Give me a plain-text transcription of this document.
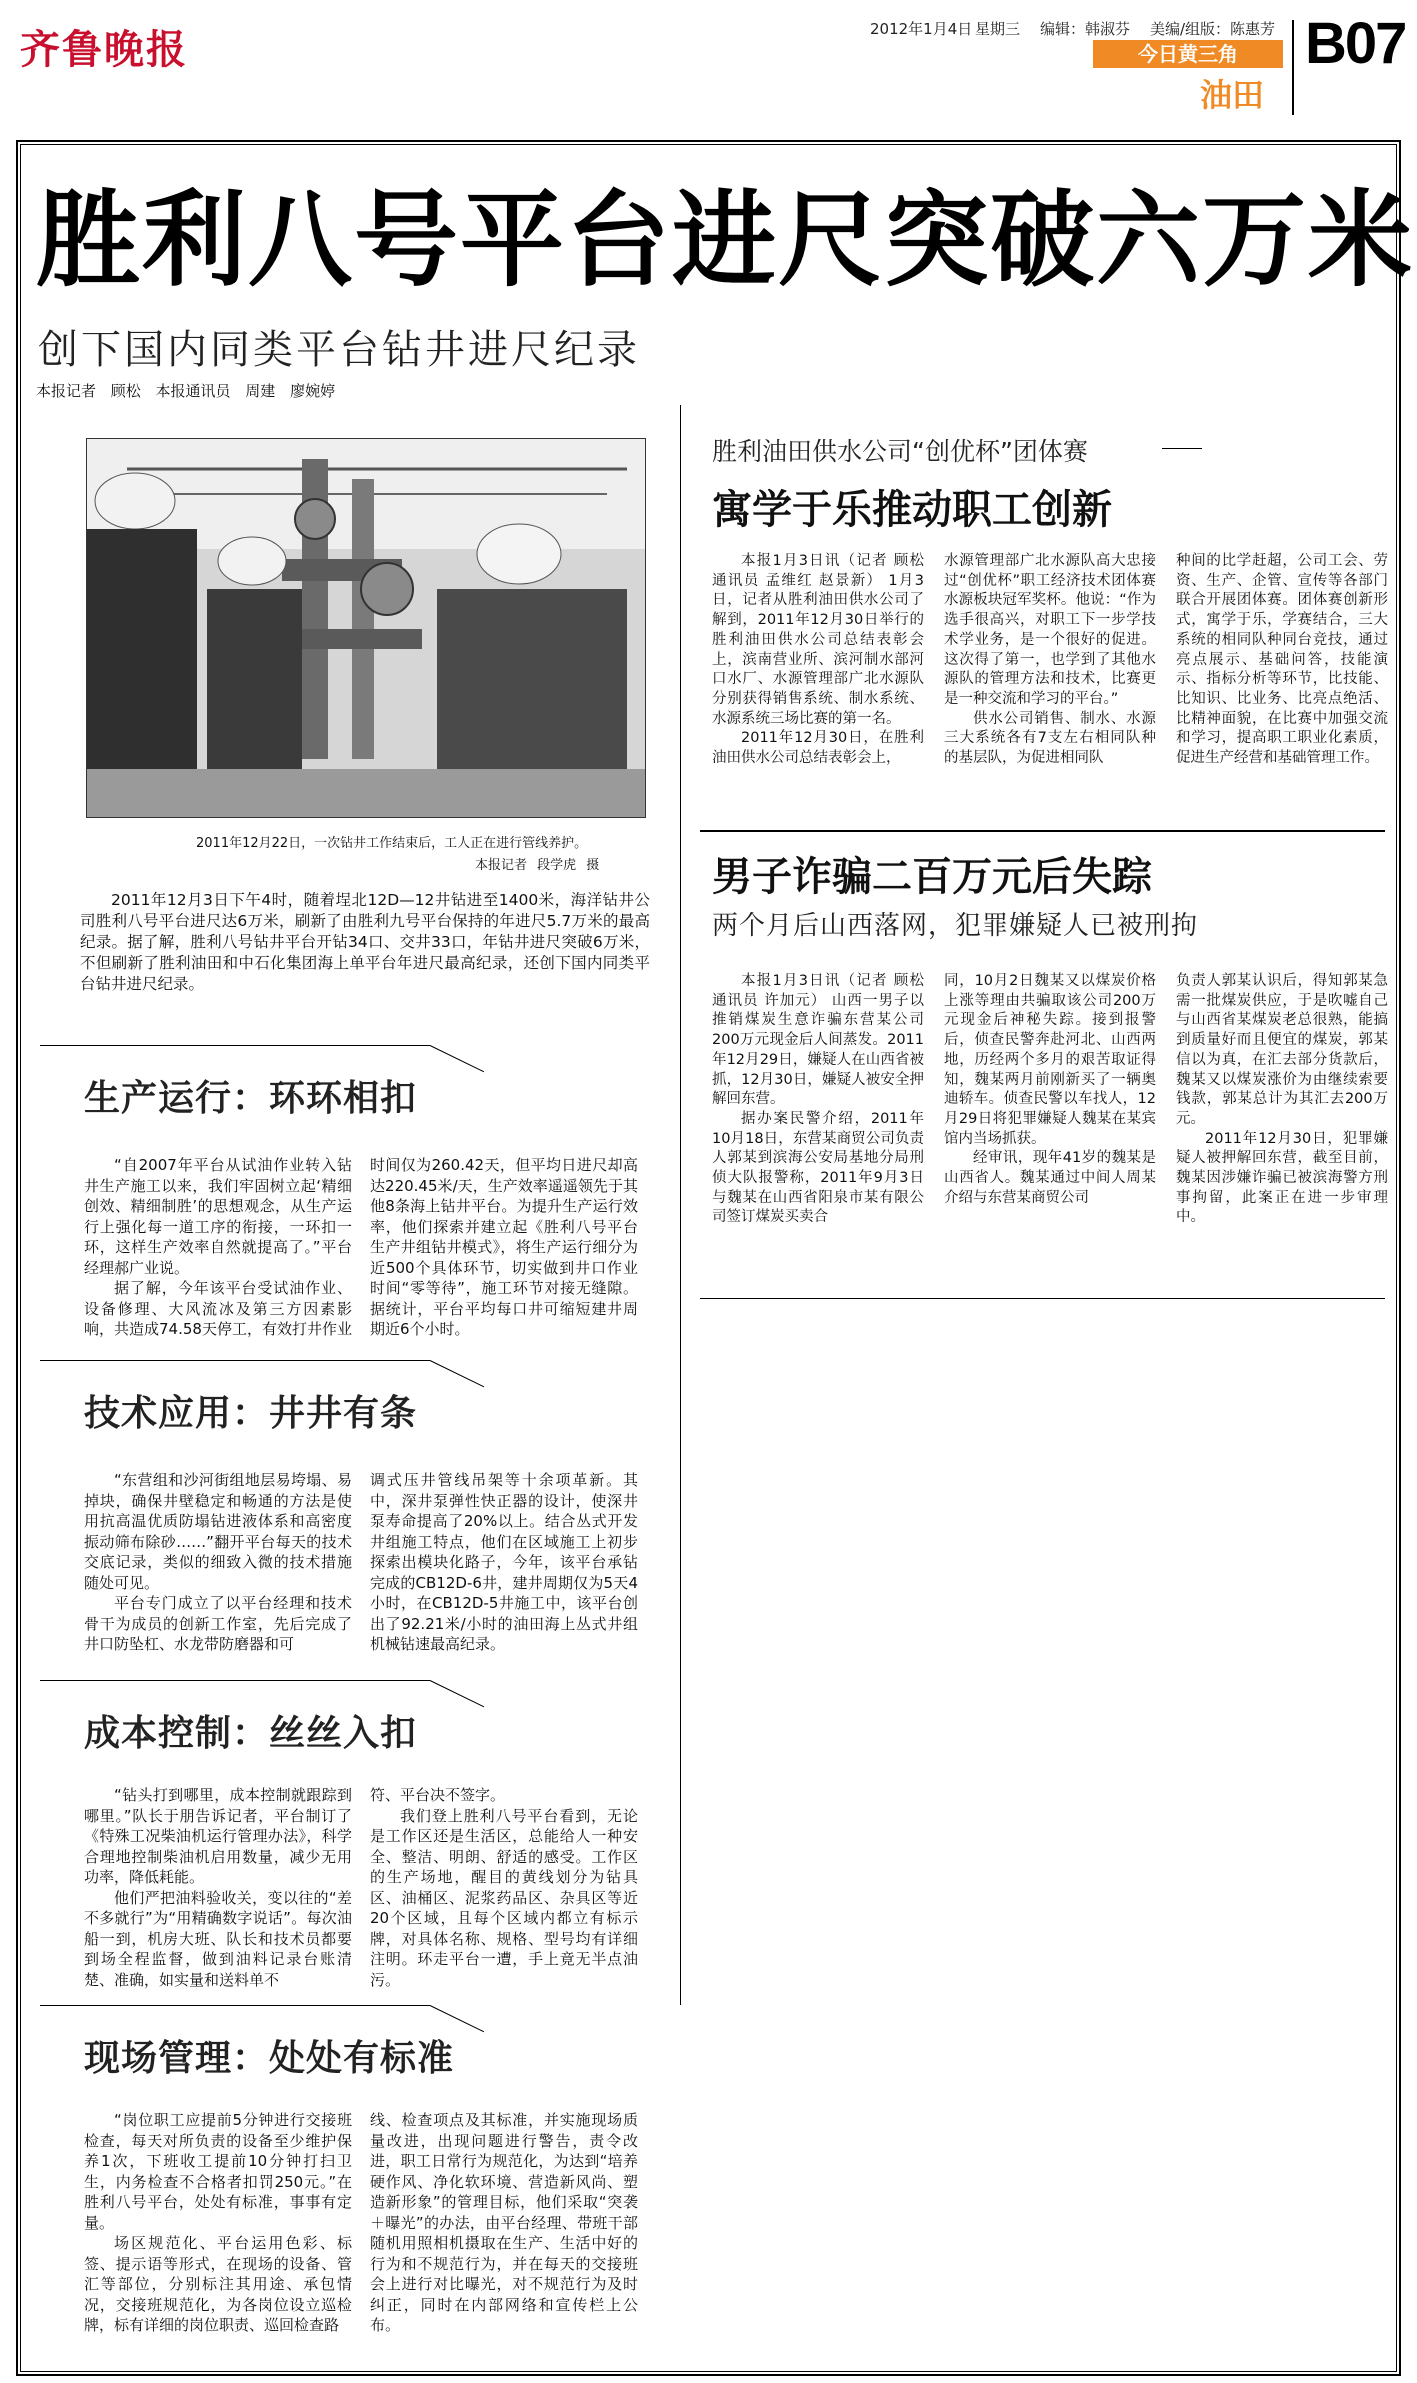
齐鲁晚报	2012年1月4日 星期三 编辑：韩淑芬 美编/组版：陈惠芳
今日黄三角
油田
B07
胜利八号平台进尺突破六万米
创下国内同类平台钻井进尺纪录
本报记者 顾松 本报通讯员 周建 廖婉婷
2011年12月22日，一次钻井工作结束后，工人正在进行管线养护。
本报记者 段学虎 摄
2011年12月3日下午4时，随着埕北12D—12井钻进至1400米，海洋钻井公司胜利八号平台进尺达6万米，刷新了由胜利九号平台保持的年进尺5.7万米的最高纪录。据了解，胜利八号钻井平台开钻34口、交井33口，年钻井进尺突破6万米，不但刷新了胜利油田和中石化集团海上单平台年进尺最高纪录，还创下国内同类平台钻井进尺纪录。
生产运行：环环相扣

“自2007年平台从试油作业转入钻井生产施工以来，我们牢固树立起‘精细创效、精细制胜’的思想观念，从生产运行上强化每一道工序的衔接，一环扣一环，这样生产效率自然就提高了。”平台经理郝广业说。

据了解，今年该平台受试油作业、设备修理、大风流冰及第三方因素影响，共造成74.58天停工，有效打井作业

时间仅为260.42天，但平均日进尺却高达220.45米/天，生产效率遥遥领先于其他8条海上钻井平台。为提升生产运行效率，他们探索并建立起《胜利八号平台生产井组钻井模式》，将生产运行细分为近500个具体环节，切实做到井口作业时间“零等待”，施工环节对接无缝隙。据统计，平台平均每口井可缩短建井周期近6个小时。

技术应用：井井有条

“东营组和沙河街组地层易垮塌、易掉块，确保井壁稳定和畅通的方法是使用抗高温优质防塌钻进液体系和高密度振动筛布除砂……”翻开平台每天的技术交底记录，类似的细致入微的技术措施随处可见。

平台专门成立了以平台经理和技术骨干为成员的创新工作室，先后完成了井口防坠杠、水龙带防磨器和可

调式压井管线吊架等十余项革新。其中，深井泵弹性快正器的设计，使深井泵寿命提高了20%以上。结合丛式开发井组施工特点，他们在区域施工上初步探索出模块化路子，今年，该平台承钻完成的CB12D-6井，建井周期仅为5天4小时，在CB12D-5井施工中，该平台创出了92.21米/小时的油田海上丛式井组机械钻速最高纪录。

成本控制：丝丝入扣

“钻头打到哪里，成本控制就跟踪到哪里。”队长于朋告诉记者，平台制订了《特殊工况柴油机运行管理办法》，科学合理地控制柴油机启用数量，减少无用功率，降低耗能。

他们严把油料验收关，变以往的“差不多就行”为“用精确数字说话”。每次油船一到，机房大班、队长和技术员都要到场全程监督，做到油料记录台账清楚、准确，如实量和送料单不

符、平台决不签字。

我们登上胜利八号平台看到，无论是工作区还是生活区，总能给人一种安全、整洁、明朗、舒适的感受。工作区的生产场地，醒目的黄线划分为钻具区、油桶区、泥浆药品区、杂具区等近20个区域，且每个区域内都立有标示牌，对具体名称、规格、型号均有详细注明。环走平台一遭，手上竟无半点油污。

现场管理：处处有标准

“岗位职工应提前5分钟进行交接班检查，每天对所负责的设备至少维护保养1次，下班收工提前10分钟打扫卫生，内务检查不合格者扣罚250元。”在胜利八号平台，处处有标准，事事有定量。

场区规范化、平台运用色彩、标签、提示语等形式，在现场的设备、管汇等部位，分别标注其用途、承包情况，交接班规范化，为各岗位设立巡检牌，标有详细的岗位职责、巡回检查路

线、检查项点及其标准，并实施现场质量改进，出现问题进行警告，责令改进，职工日常行为规范化，为达到“培养硬作风、净化软环境、营造新风尚、塑造新形象”的管理目标，他们采取“突袭＋曝光”的办法，由平台经理、带班干部随机用照相机摄取在生产、生活中好的行为和不规范行为，并在每天的交接班会上进行对比曝光，对不规范行为及时纠正，同时在内部网络和宣传栏上公布。

胜利油田供水公司“创优杯”团体赛
寓学于乐推动职工创新

本报1月3日讯（记者 顾松 通讯员 孟维红 赵景新） 1月3日，记者从胜利油田供水公司了解到，2011年12月30日举行的胜利油田供水公司总结表彰会上，滨南营业所、滨河制水部河口水厂、水源管理部广北水源队分别获得销售系统、制水系统、水源系统三场比赛的第一名。

2011年12月30日，在胜利油田供水公司总结表彰会上，

水源管理部广北水源队高大忠接过“创优杯”职工经济技术团体赛水源板块冠军奖杯。他说：“作为选手很高兴，对职工下一步学技术学业务，是一个很好的促进。这次得了第一，也学到了其他水源队的管理方法和技术，比赛更是一种交流和学习的平台。”

供水公司销售、制水、水源三大系统各有7支左右相同队种的基层队，为促进相同队

种间的比学赶超，公司工会、劳资、生产、企管、宣传等各部门联合开展团体赛。团体赛创新形式，寓学于乐，学赛结合，三大系统的相同队种同台竞技，通过亮点展示、基础问答，技能演示、指标分析等环节，比技能、比知识、比业务、比亮点绝活、比精神面貌，在比赛中加强交流和学习，提高职工职业化素质，促进生产经营和基础管理工作。

男子诈骗二百万元后失踪
两个月后山西落网，犯罪嫌疑人已被刑拘

本报1月3日讯（记者 顾松 通讯员 许加元） 山西一男子以推销煤炭生意诈骗东营某公司200万元现金后人间蒸发。2011年12月29日，嫌疑人在山西省被抓，12月30日，嫌疑人被安全押解回东营。

据办案民警介绍，2011年10月18日，东营某商贸公司负责人郭某到滨海公安局基地分局刑侦大队报警称，2011年9月3日与魏某在山西省阳泉市某有限公司签订煤炭买卖合

同，10月2日魏某又以煤炭价格上涨等理由共骗取该公司200万元现金后神秘失踪。接到报警后，侦查民警奔赴河北、山西两地，历经两个多月的艰苦取证得知，魏某两月前刚新买了一辆奥迪轿车。侦查民警以车找人，12月29日将犯罪嫌疑人魏某在某宾馆内当场抓获。

经审讯，现年41岁的魏某是山西省人。魏某通过中间人周某介绍与东营某商贸公司

负责人郭某认识后，得知郭某急需一批煤炭供应，于是吹嘘自己与山西省某煤炭老总很熟，能搞到质量好而且便宜的煤炭，郭某信以为真，在汇去部分货款后，魏某又以煤炭涨价为由继续索要钱款，郭某总计为其汇去200万元。

2011年12月30日，犯罪嫌疑人被押解回东营，截至目前，魏某因涉嫌诈骗已被滨海警方刑事拘留，此案正在进一步审理中。
